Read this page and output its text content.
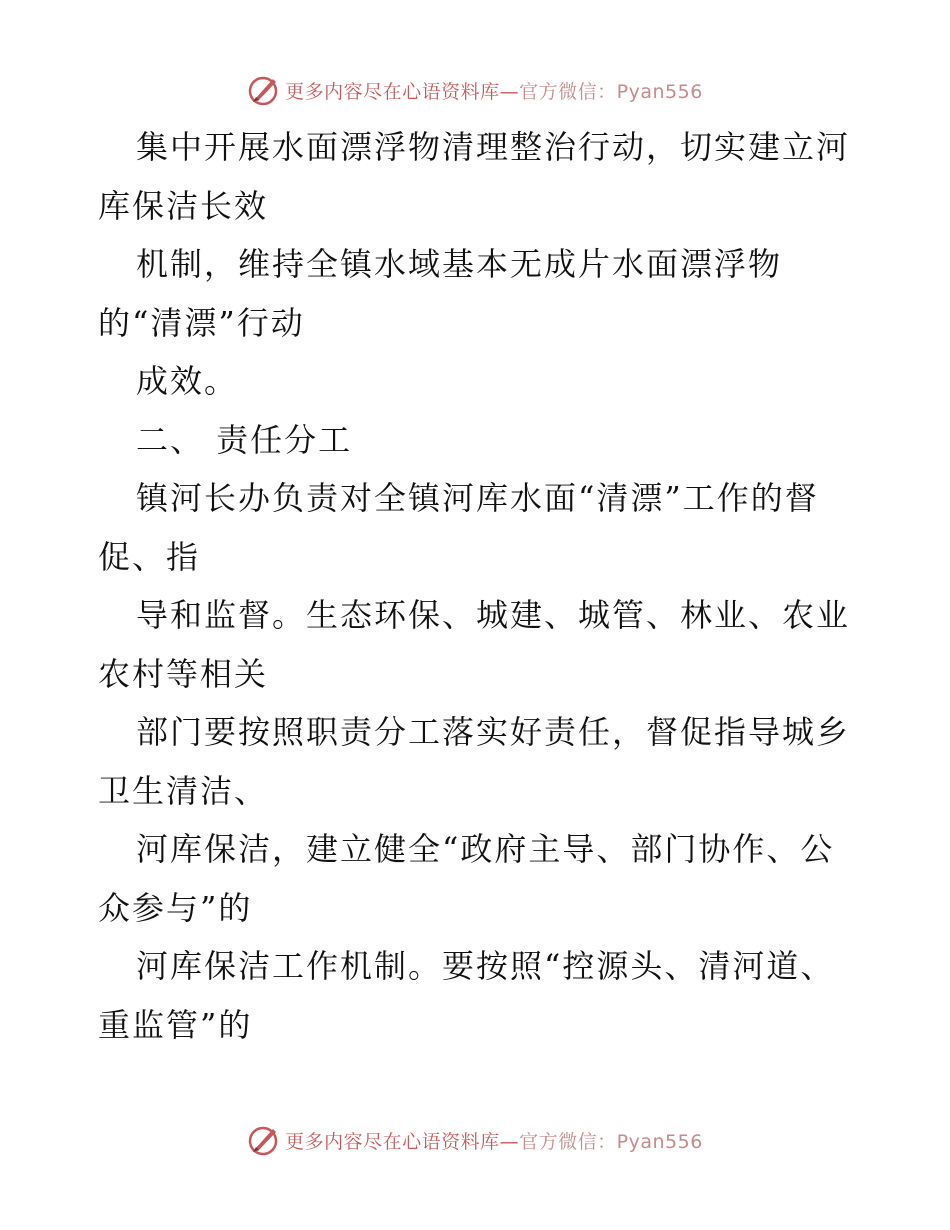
更多内容尽在心语资料库—官方微信：Pyan556
集中开展水面漂浮物清理整治行动，切实建立河
库保洁长效
机制，维持全镇水域基本无成片水面漂浮物
的“清漂”行动
成效。
二、 责任分工
镇河长办负责对全镇河库水面“清漂”工作的督
促、指
导和监督。生态环保、城建、城管、林业、农业
农村等相关
部门要按照职责分工落实好责任，督促指导城乡
卫生清洁、
河库保洁，建立健全“政府主导、部门协作、公
众参与”的
河库保洁工作机制。要按照“控源头、清河道、
重监管”的
更多内容尽在心语资料库—官方微信：Pyan556
